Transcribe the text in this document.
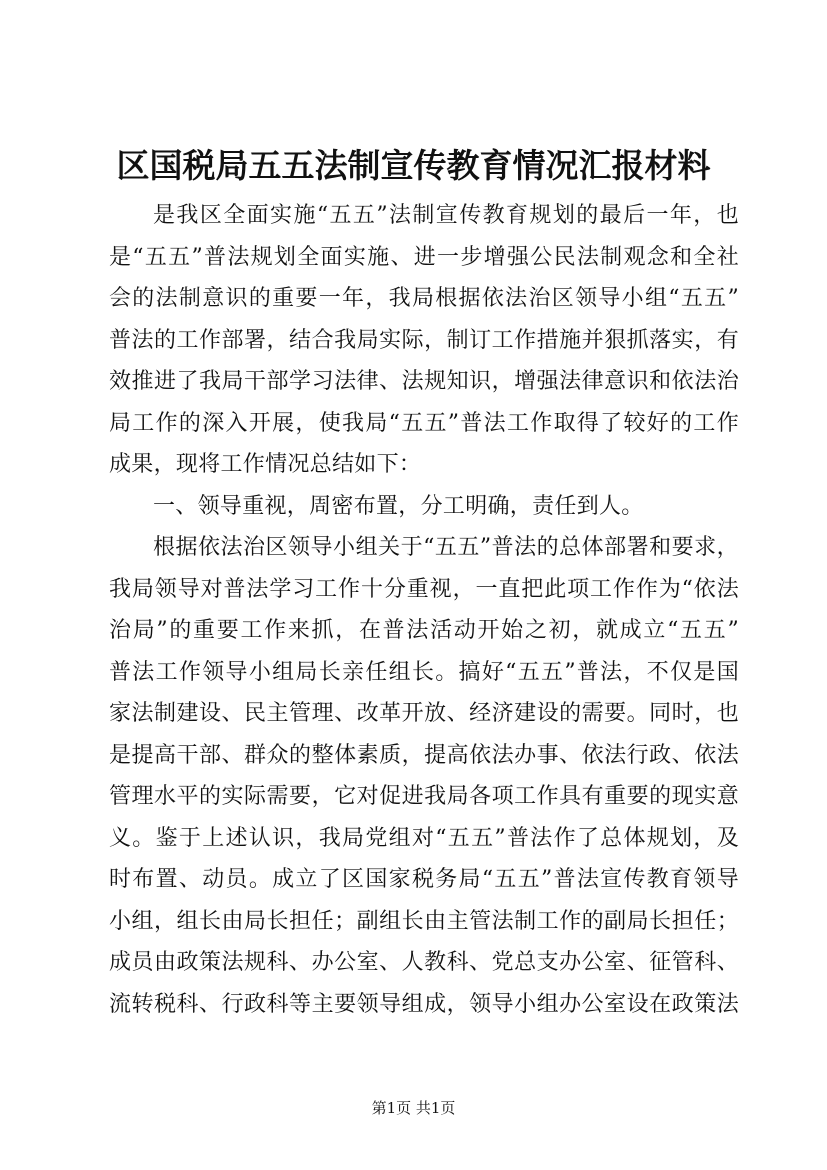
区国税局五五法制宣传教育情况汇报材料
是我区全面实施“五五”法制宣传教育规划的最后一年，也
是“五五”普法规划全面实施、进一步增强公民法制观念和全社
会的法制意识的重要一年，我局根据依法治区领导小组“五五”
普法的工作部署，结合我局实际，制订工作措施并狠抓落实，有
效推进了我局干部学习法律、法规知识，增强法律意识和依法治
局工作的深入开展，使我局“五五”普法工作取得了较好的工作
成果，现将工作情况总结如下：
一、领导重视，周密布置，分工明确，责任到人。
根据依法治区领导小组关于“五五”普法的总体部署和要求，
我局领导对普法学习工作十分重视，一直把此项工作作为“依法
治局”的重要工作来抓，在普法活动开始之初，就成立“五五”
普法工作领导小组局长亲任组长。搞好“五五”普法，不仅是国
家法制建设、民主管理、改革开放、经济建设的需要。同时，也
是提高干部、群众的整体素质，提高依法办事、依法行政、依法
管理水平的实际需要，它对促进我局各项工作具有重要的现实意
义。鉴于上述认识，我局党组对“五五”普法作了总体规划，及
时布置、动员。成立了区国家税务局“五五”普法宣传教育领导
小组，组长由局长担任；副组长由主管法制工作的副局长担任；
成员由政策法规科、办公室、人教科、党总支办公室、征管科、
流转税科、行政科等主要领导组成，领导小组办公室设在政策法
第1页 共1页
